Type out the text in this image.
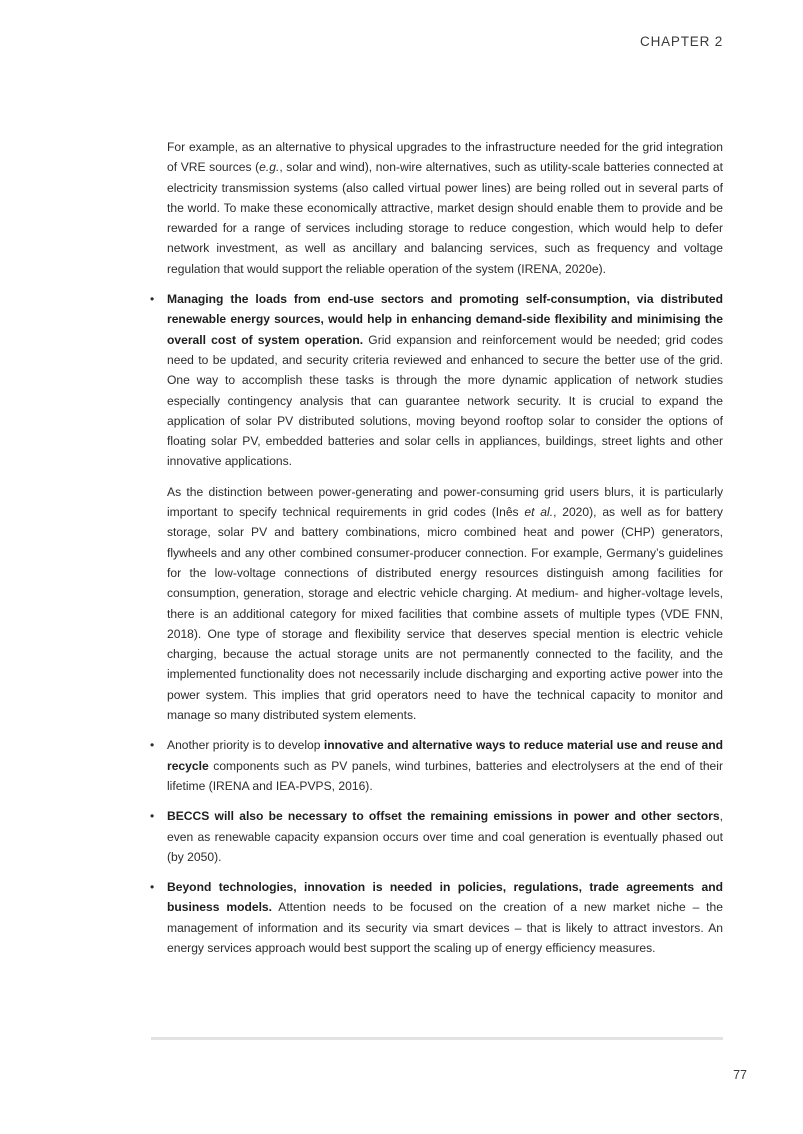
CHAPTER 2

For example, as an alternative to physical upgrades to the infrastructure needed for the grid integration of VRE sources (e.g., solar and wind), non-wire alternatives, such as utility-scale batteries connected at electricity transmission systems (also called virtual power lines) are being rolled out in several parts of the world. To make these economically attractive, market design should enable them to provide and be rewarded for a range of services including storage to reduce congestion, which would help to defer network investment, as well as ancillary and balancing services, such as frequency and voltage regulation that would support the reliable operation of the system (IRENA, 2020e).

• Managing the loads from end-use sectors and promoting self-consumption, via distributed renewable energy sources, would help in enhancing demand-side flexibility and minimising the overall cost of system operation. Grid expansion and reinforcement would be needed; grid codes need to be updated, and security criteria reviewed and enhanced to secure the better use of the grid. One way to accomplish these tasks is through the more dynamic application of network studies especially contingency analysis that can guarantee network security. It is crucial to expand the application of solar PV distributed solutions, moving beyond rooftop solar to consider the options of floating solar PV, embedded batteries and solar cells in appliances, buildings, street lights and other innovative applications.

As the distinction between power-generating and power-consuming grid users blurs, it is particularly important to specify technical requirements in grid codes (Inês et al., 2020), as well as for battery storage, solar PV and battery combinations, micro combined heat and power (CHP) generators, flywheels and any other combined consumer-producer connection. For example, Germany’s guidelines for the low-voltage connections of distributed energy resources distinguish among facilities for consumption, generation, storage and electric vehicle charging. At medium- and higher-voltage levels, there is an additional category for mixed facilities that combine assets of multiple types (VDE FNN, 2018). One type of storage and flexibility service that deserves special mention is electric vehicle charging, because the actual storage units are not permanently connected to the facility, and the implemented functionality does not necessarily include discharging and exporting active power into the power system. This implies that grid operators need to have the technical capacity to monitor and manage so many distributed system elements.

• Another priority is to develop innovative and alternative ways to reduce material use and reuse and recycle components such as PV panels, wind turbines, batteries and electrolysers at the end of their lifetime (IRENA and IEA-PVPS, 2016).

• BECCS will also be necessary to offset the remaining emissions in power and other sectors, even as renewable capacity expansion occurs over time and coal generation is eventually phased out (by 2050).

• Beyond technologies, innovation is needed in policies, regulations, trade agreements and business models. Attention needs to be focused on the creation of a new market niche – the management of information and its security via smart devices – that is likely to attract investors. An energy services approach would best support the scaling up of energy efficiency measures.

77
